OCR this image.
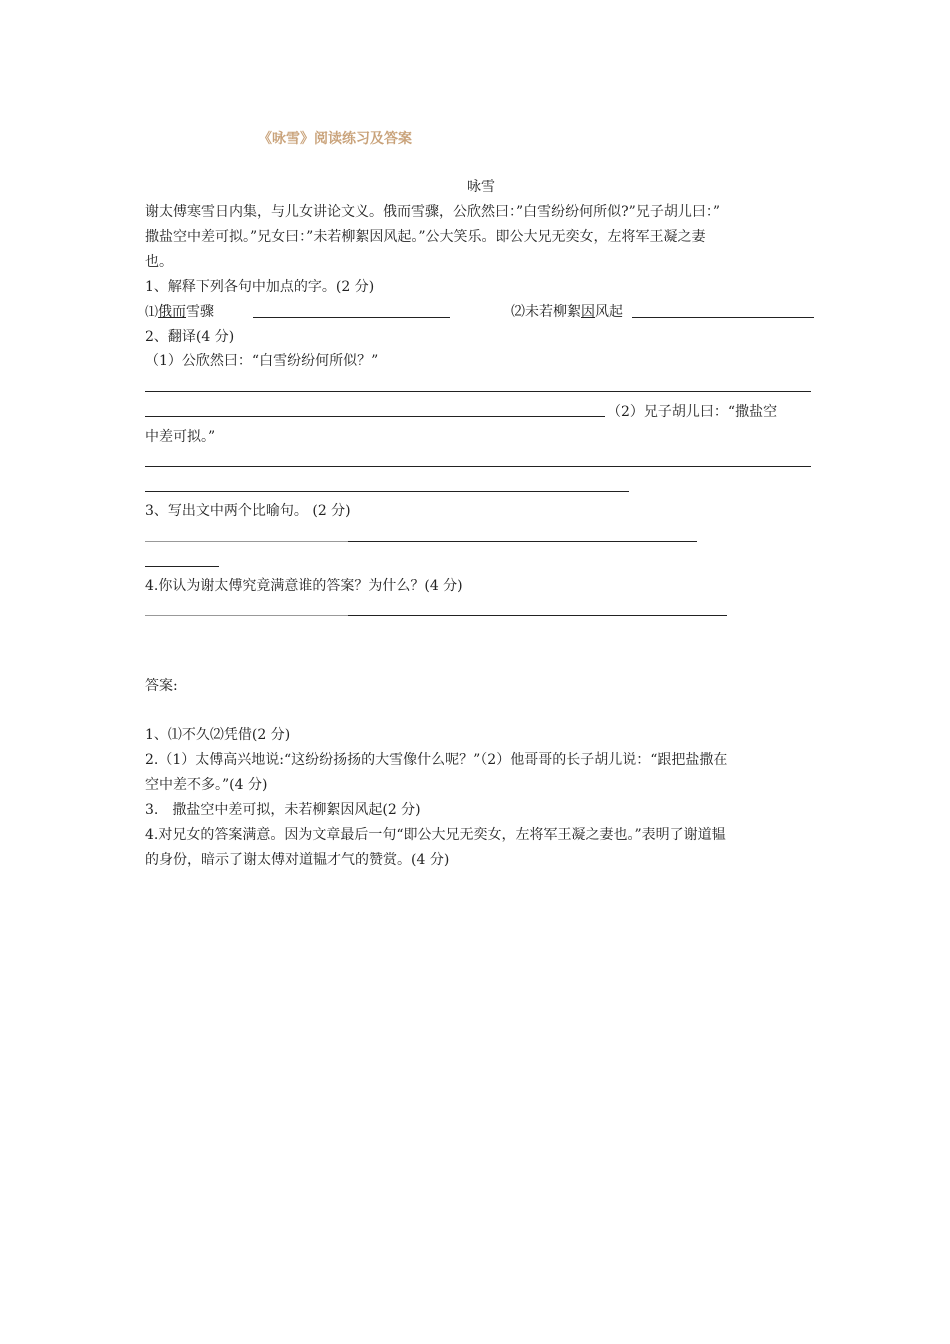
《咏雪》阅读练习及答案
咏雪
谢太傅寒雪日内集，与儿女讲论文义。俄而雪骤，公欣然曰：”白雪纷纷何所似?”兄子胡儿曰：”
撒盐空中差可拟。”兄女曰：”未若柳絮因风起。”公大笑乐。即公大兄无奕女，左将军王凝之妻
也。
1、解释下列各句中加点的字。(2 分)
⑴俄而雪骤	⑵未若柳絮因风起
2、翻译(4 分)
（1）公欣然曰：“白雪纷纷何所似？”
（2）兄子胡儿曰：“撒盐空
中差可拟。”
3、写出文中两个比喻句。 (2 分)
4.你认为谢太傅究竟满意谁的答案？为什么？(4 分)
答案:
1、⑴不久⑵凭借(2 分)
2.（1）太傅高兴地说:“这纷纷扬扬的大雪像什么呢？”（2）他哥哥的长子胡儿说：“跟把盐撒在
空中差不多。”(4 分)
3.　撒盐空中差可拟，未若柳絮因风起(2 分)
4.对兄女的答案满意。因为文章最后一句“即公大兄无奕女，左将军王凝之妻也。”表明了谢道韫
的身份，暗示了谢太傅对道韫才气的赞赏。(4 分)
